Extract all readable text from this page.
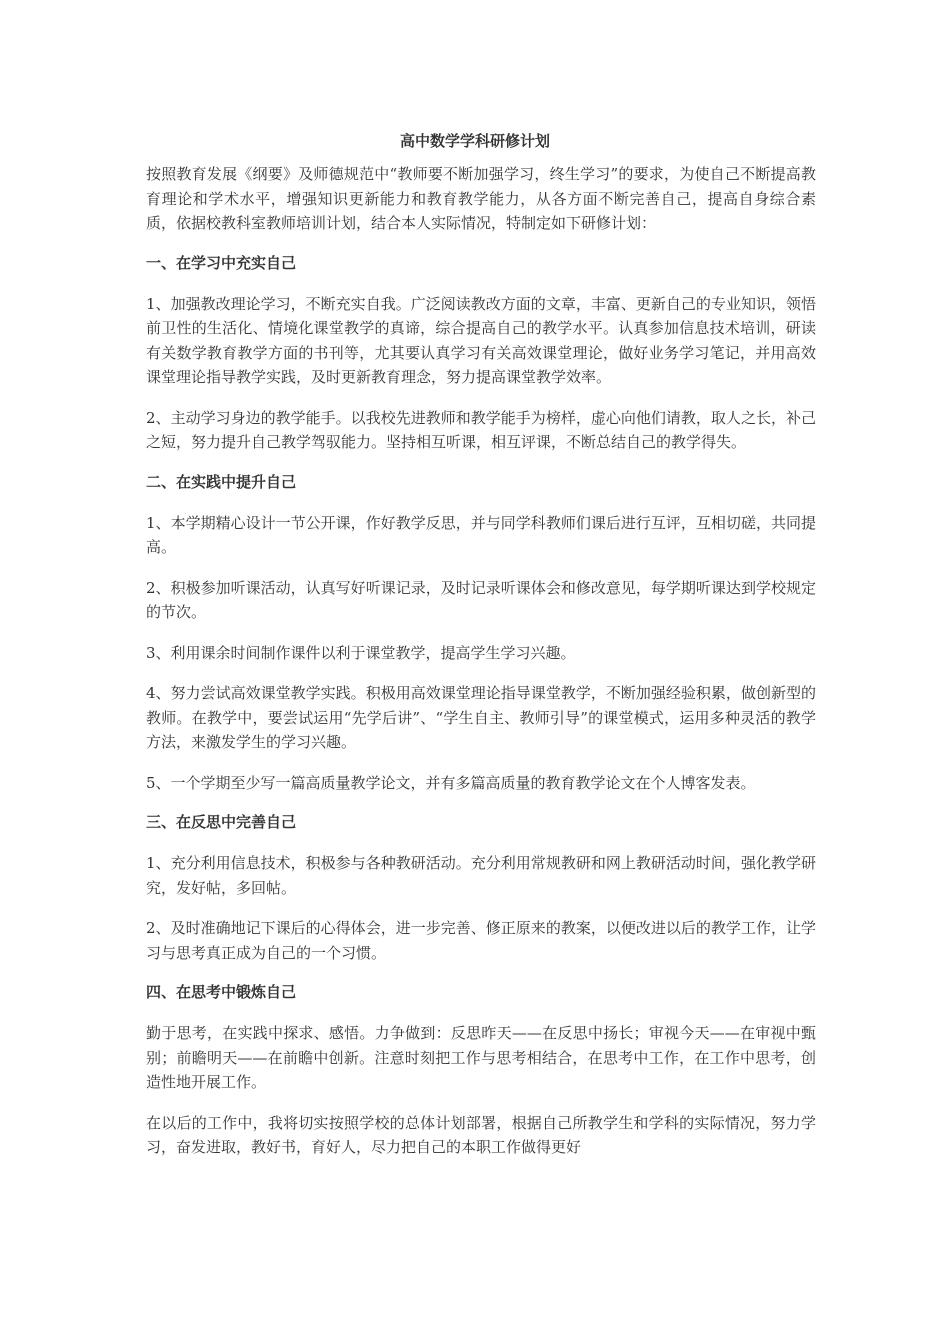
高中数学学科研修计划

按照教育发展《纲要》及师德规范中“教师要不断加强学习，终生学习”的要求，为使自己不断提高教育理论和学术水平，增强知识更新能力和教育教学能力，从各方面不断完善自己，提高自身综合素质，依据校教科室教师培训计划，结合本人实际情况，特制定如下研修计划：

一、在学习中充实自己

1、加强教改理论学习，不断充实自我。广泛阅读教改方面的文章，丰富、更新自己的专业知识，领悟前卫性的生活化、情境化课堂教学的真谛，综合提高自己的教学水平。认真参加信息技术培训，研读有关数学教育教学方面的书刊等，尤其要认真学习有关高效课堂理论，做好业务学习笔记，并用高效课堂理论指导教学实践，及时更新教育理念，努力提高课堂教学效率。

2、主动学习身边的教学能手。以我校先进教师和教学能手为榜样，虚心向他们请教，取人之长，补己之短，努力提升自己教学驾驭能力。坚持相互听课，相互评课，不断总结自己的教学得失。

二、在实践中提升自己

1、本学期精心设计一节公开课，作好教学反思，并与同学科教师们课后进行互评，互相切磋，共同提高。

2、积极参加听课活动，认真写好听课记录，及时记录听课体会和修改意见，每学期听课达到学校规定的节次。

3、利用课余时间制作课件以利于课堂教学，提高学生学习兴趣。

4、努力尝试高效课堂教学实践。积极用高效课堂理论指导课堂教学，不断加强经验积累，做创新型的教师。在教学中，要尝试运用“先学后讲”、“学生自主、教师引导”的课堂模式，运用多种灵活的教学方法，来激发学生的学习兴趣。

5、一个学期至少写一篇高质量教学论文，并有多篇高质量的教育教学论文在个人博客发表。

三、在反思中完善自己

1、充分利用信息技术，积极参与各种教研活动。充分利用常规教研和网上教研活动时间，强化教学研究，发好帖，多回帖。

2、及时准确地记下课后的心得体会，进一步完善、修正原来的教案，以便改进以后的教学工作，让学习与思考真正成为自己的一个习惯。

四、在思考中锻炼自己

勤于思考，在实践中探求、感悟。力争做到：反思昨天——在反思中扬长；审视今天——在审视中甄别；前瞻明天——在前瞻中创新。注意时刻把工作与思考相结合，在思考中工作，在工作中思考，创造性地开展工作。

在以后的工作中，我将切实按照学校的总体计划部署，根据自己所教学生和学科的实际情况，努力学习，奋发进取，教好书，育好人，尽力把自己的本职工作做得更好
